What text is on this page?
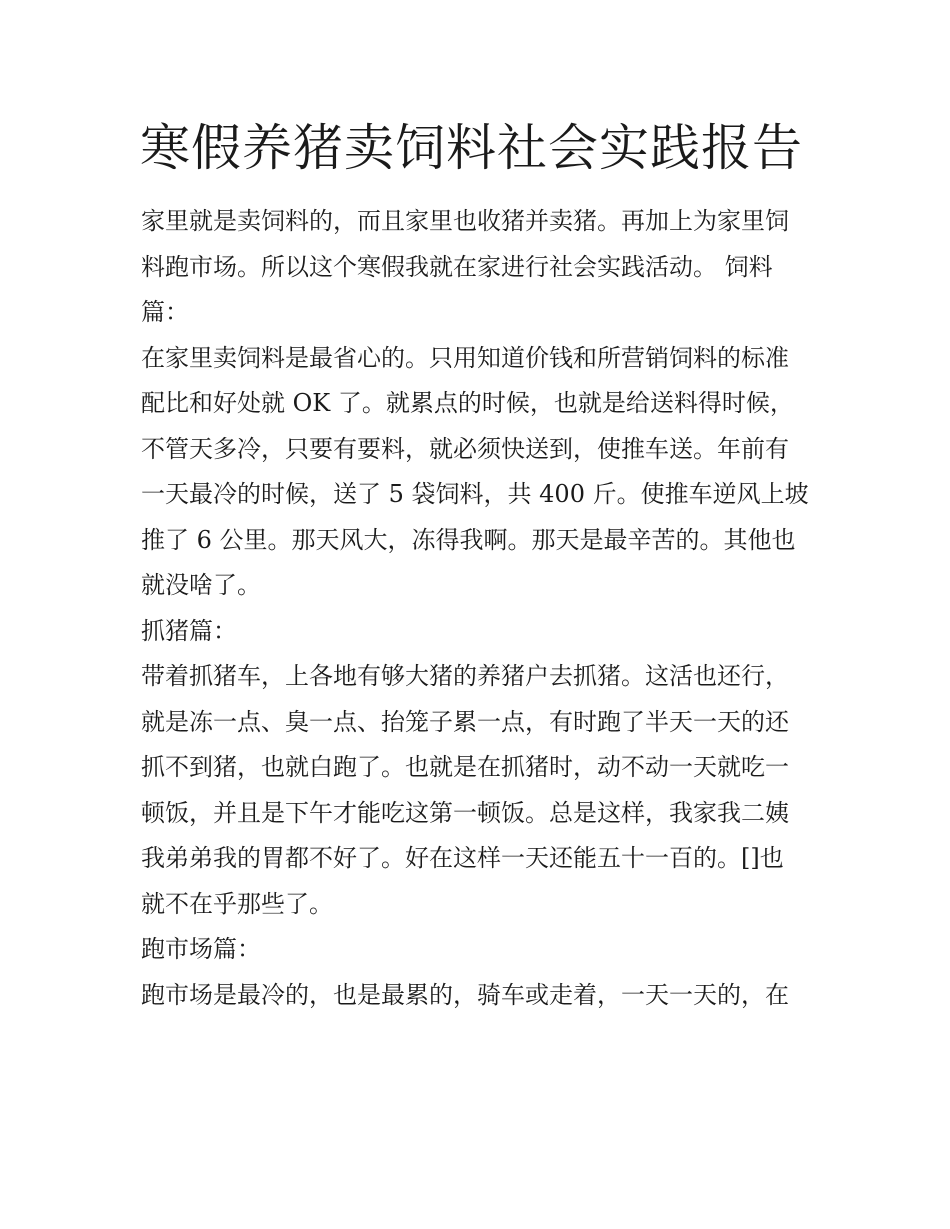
寒假养猪卖饲料社会实践报告

家里就是卖饲料的，而且家里也收猪并卖猪。再加上为家里饲
料跑市场。所以这个寒假我就在家进行社会实践活动。 饲料
篇：

在家里卖饲料是最省心的。只用知道价钱和所营销饲料的标准
配比和好处就 OK 了。就累点的时候，也就是给送料得时候，
不管天多冷，只要有要料，就必须快送到，使推车送。年前有
一天最冷的时候，送了 5 袋饲料，共 400 斤。使推车逆风上坡
推了 6 公里。那天风大，冻得我啊。那天是最辛苦的。其他也
就没啥了。

抓猪篇：

带着抓猪车，上各地有够大猪的养猪户去抓猪。这活也还行，
就是冻一点、臭一点、抬笼子累一点，有时跑了半天一天的还
抓不到猪，也就白跑了。也就是在抓猪时，动不动一天就吃一
顿饭，并且是下午才能吃这第一顿饭。总是这样，我家我二姨
我弟弟我的胃都不好了。好在这样一天还能五十一百的。[]也
就不在乎那些了。

跑市场篇：

跑市场是最冷的，也是最累的，骑车或走着，一天一天的，在
